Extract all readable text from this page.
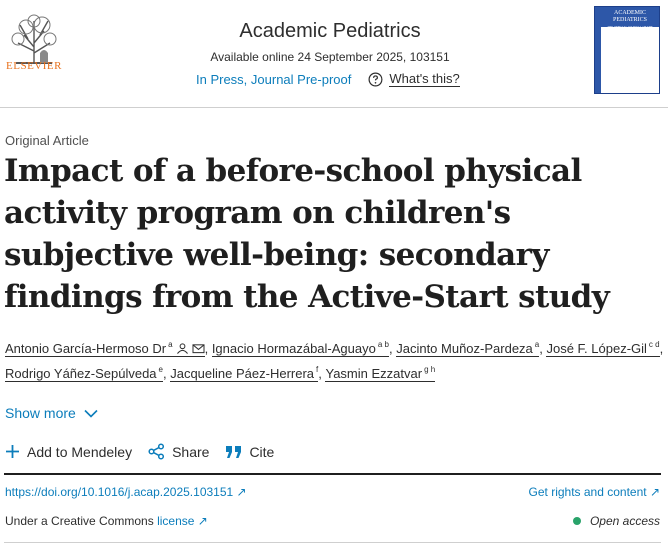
ELSEVIER
Academic Pediatrics
Available online 24 September 2025, 103151
In Press, Journal Pre-proof	What's this?
ACADEMIC PEDIATRICS
THE OFFICIAL JOURNAL OF THE ACADEMIC PEDIATRIC ASSOCIATION
Original Article
Impact of a before-school physical activity program on children's subjective well-being: secondary findings from the Active-Start study
Antonio García-Hermoso Dr $^a$ , Ignacio Hormazábal-Aguayo $^{a b}$, Jacinto Muñoz-Pardeza $^a$, José F. López-Gil $^{c d}$, Rodrigo Yáñez-Sepúlveda $^e$, Jacqueline Páez-Herrera $^f$, Yasmin Ezzatvar $^{g h}$
Show more
Add to Mendeley	Share	Cite
https://doi.org/10.1016/j.acap.2025.103151 ↗	Get rights and content ↗
Under a Creative Commons license ↗	Open access
